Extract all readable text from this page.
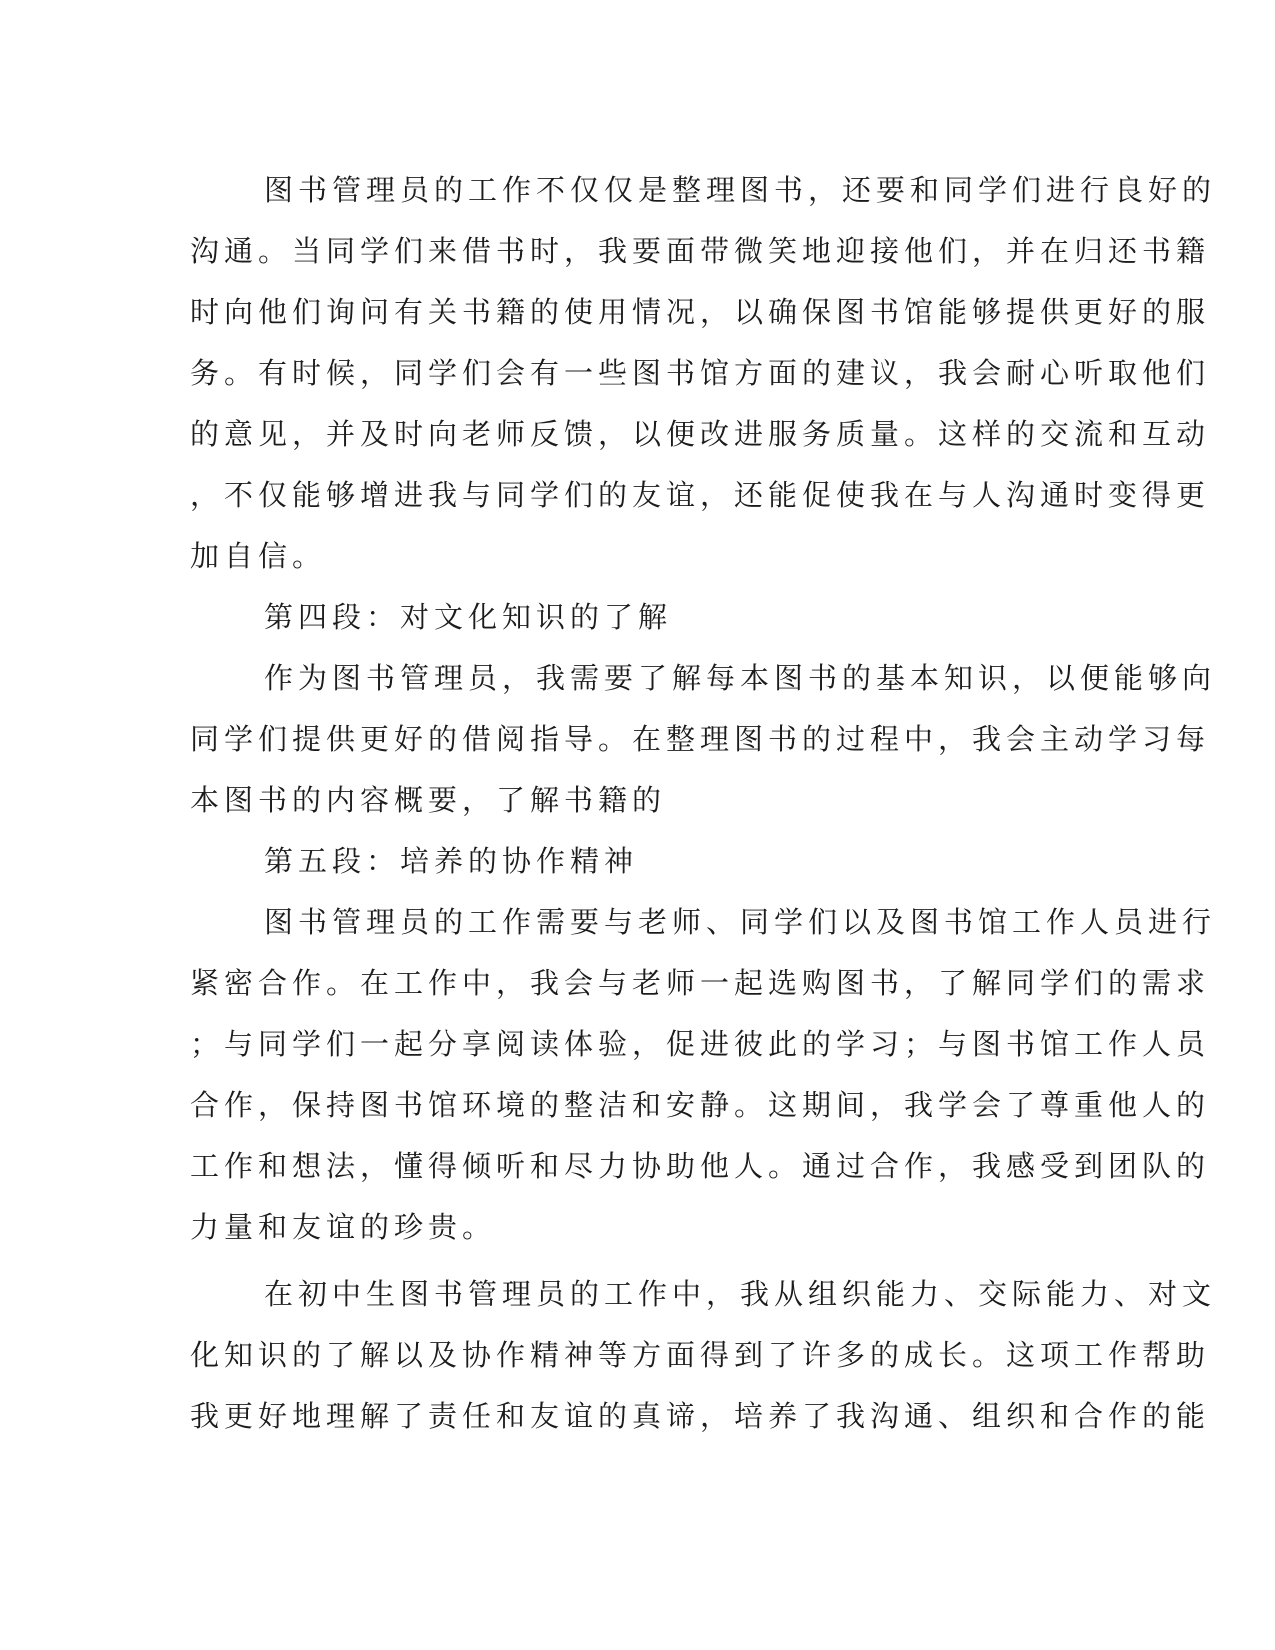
图书管理员的工作不仅仅是整理图书，还要和同学们进行良好的
沟通。当同学们来借书时，我要面带微笑地迎接他们，并在归还书籍
时向他们询问有关书籍的使用情况，以确保图书馆能够提供更好的服
务。有时候，同学们会有一些图书馆方面的建议，我会耐心听取他们
的意见，并及时向老师反馈，以便改进服务质量。这样的交流和互动
，不仅能够增进我与同学们的友谊，还能促使我在与人沟通时变得更
加自信。
第四段：对文化知识的了解
作为图书管理员，我需要了解每本图书的基本知识，以便能够向
同学们提供更好的借阅指导。在整理图书的过程中，我会主动学习每
本图书的内容概要，了解书籍的
第五段：培养的协作精神
图书管理员的工作需要与老师、同学们以及图书馆工作人员进行
紧密合作。在工作中，我会与老师一起选购图书，了解同学们的需求
；与同学们一起分享阅读体验，促进彼此的学习；与图书馆工作人员
合作，保持图书馆环境的整洁和安静。这期间，我学会了尊重他人的
工作和想法，懂得倾听和尽力协助他人。通过合作，我感受到团队的
力量和友谊的珍贵。
在初中生图书管理员的工作中，我从组织能力、交际能力、对文
化知识的了解以及协作精神等方面得到了许多的成长。这项工作帮助
我更好地理解了责任和友谊的真谛，培养了我沟通、组织和合作的能
